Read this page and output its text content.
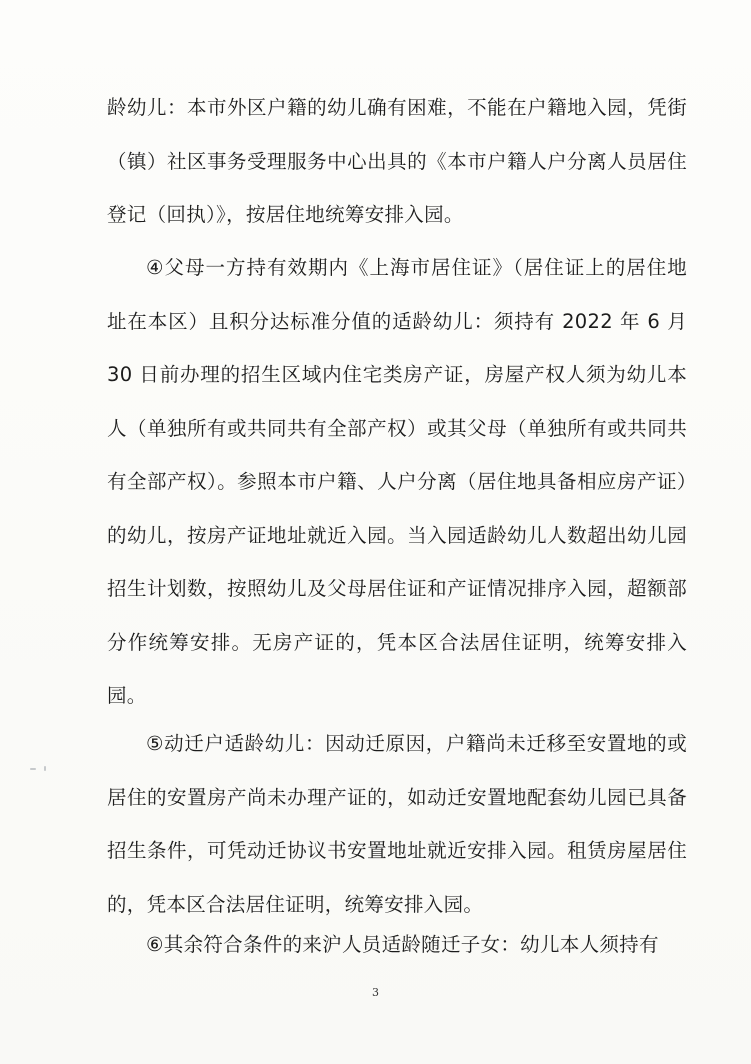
龄幼儿：本市外区户籍的幼儿确有困难，不能在户籍地入园，凭街（镇）社区事务受理服务中心出具的《本市户籍人户分离人员居住登记（回执）》，按居住地统筹安排入园。

④父母一方持有效期内《上海市居住证》（居住证上的居住地址在本区）且积分达标准分值的适龄幼儿：须持有 2022 年 6 月 30 日前办理的招生区域内住宅类房产证，房屋产权人须为幼儿本人（单独所有或共同共有全部产权）或其父母（单独所有或共同共有全部产权）。参照本市户籍、人户分离（居住地具备相应房产证）的幼儿，按房产证地址就近入园。当入园适龄幼儿人数超出幼儿园招生计划数，按照幼儿及父母居住证和产证情况排序入园，超额部分作统筹安排。无房产证的，凭本区合法居住证明，统筹安排入园。

⑤动迁户适龄幼儿：因动迁原因，户籍尚未迁移至安置地的或居住的安置房产尚未办理产证的，如动迁安置地配套幼儿园已具备招生条件，可凭动迁协议书安置地址就近安排入园。租赁房屋居住的，凭本区合法居住证明，统筹安排入园。

⑥其余符合条件的来沪人员适龄随迁子女：幼儿本人须持有

3
